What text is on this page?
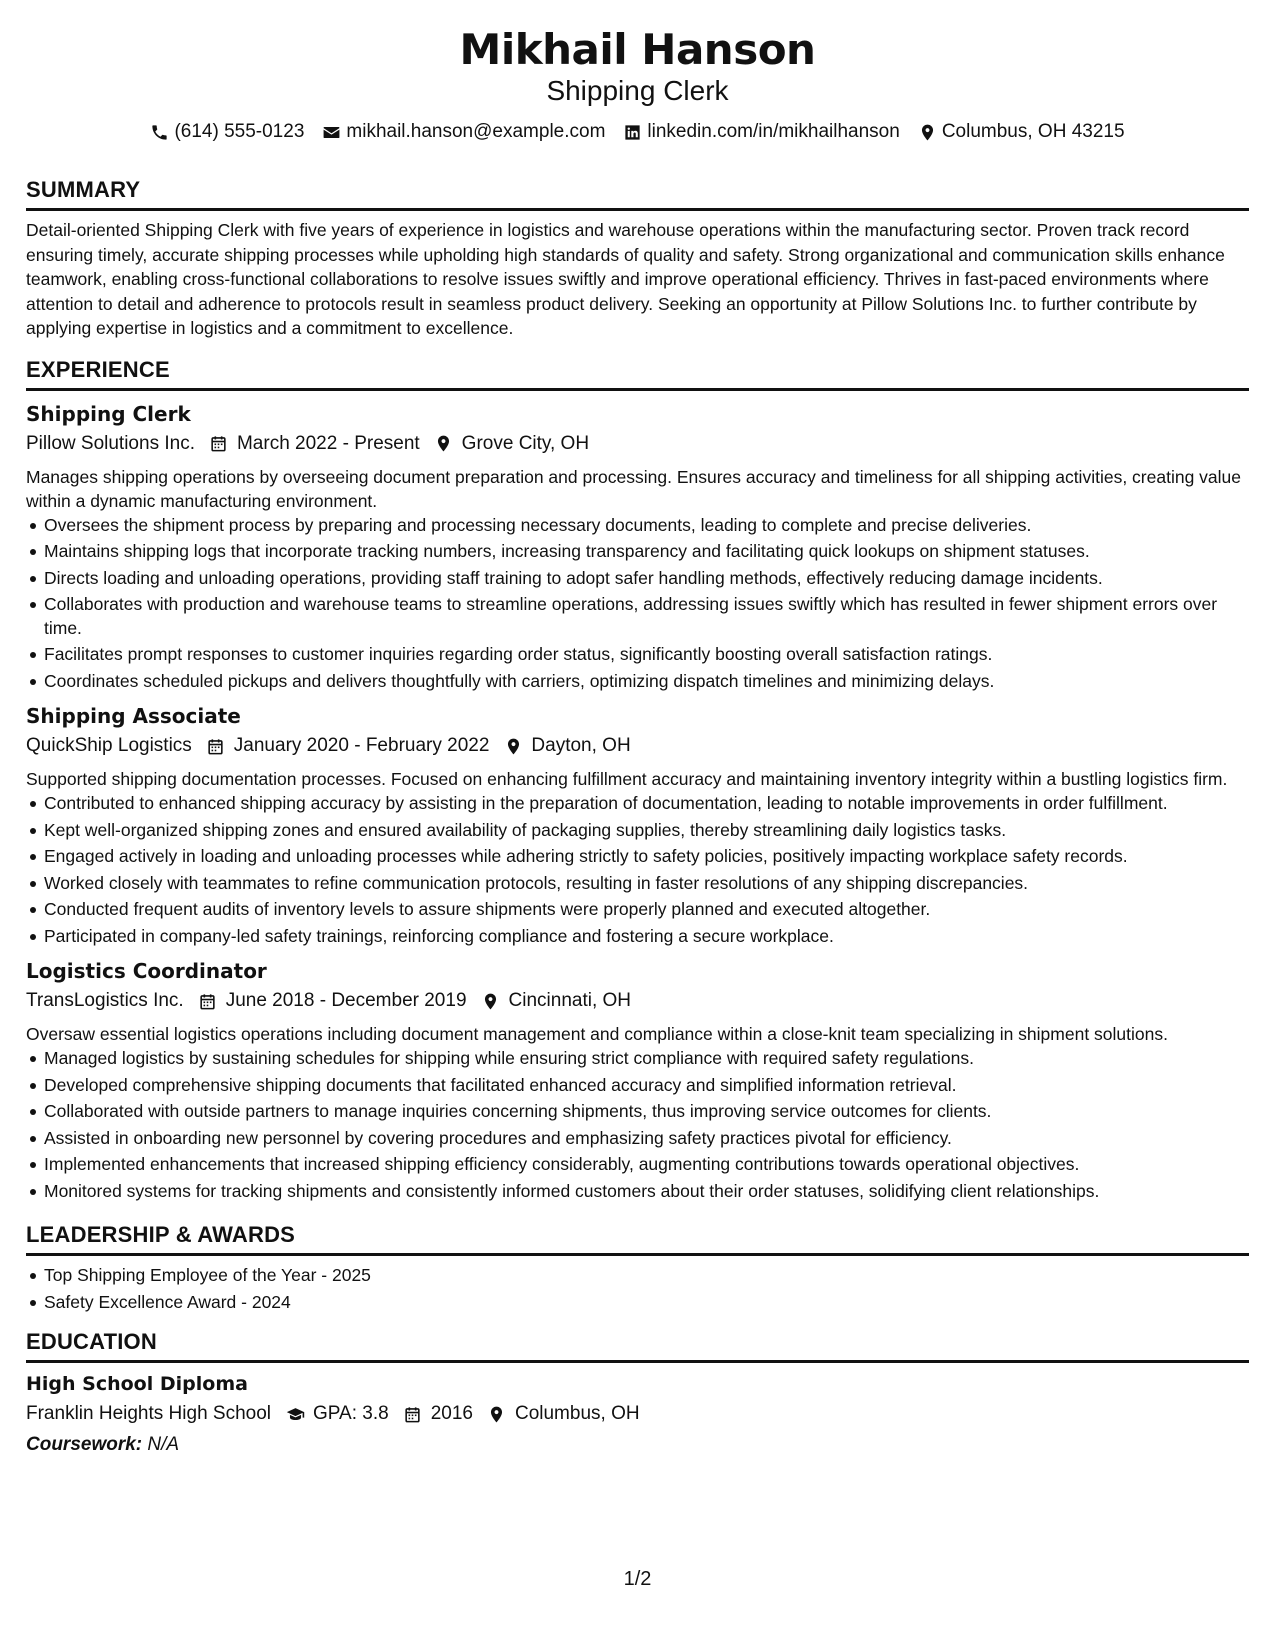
Mikhail Hanson
Shipping Clerk
(614) 555-0123 mikhail.hanson@example.com linkedin.com/in/mikhailhanson Columbus, OH 43215
SUMMARY

Detail-oriented Shipping Clerk with five years of experience in logistics and warehouse operations within the manufacturing sector. Proven track record ensuring timely, accurate shipping processes while upholding high standards of quality and safety. Strong organizational and communication skills enhance teamwork, enabling cross-functional collaborations to resolve issues swiftly and improve operational efficiency. Thrives in fast-paced environments where attention to detail and adherence to protocols result in seamless product delivery. Seeking an opportunity at Pillow Solutions Inc. to further contribute by applying expertise in logistics and a commitment to excellence.

EXPERIENCE
Shipping Clerk
Pillow Solutions Inc. March 2022 - Present Grove City, OH

Manages shipping operations by overseeing document preparation and processing. Ensures accuracy and timeliness for all shipping activities, creating value within a dynamic manufacturing environment.

Oversees the shipment process by preparing and processing necessary documents, leading to complete and precise deliveries.
Maintains shipping logs that incorporate tracking numbers, increasing transparency and facilitating quick lookups on shipment statuses.
Directs loading and unloading operations, providing staff training to adopt safer handling methods, effectively reducing damage incidents.
Collaborates with production and warehouse teams to streamline operations, addressing issues swiftly which has resulted in fewer shipment errors over time.
Facilitates prompt responses to customer inquiries regarding order status, significantly boosting overall satisfaction ratings.
Coordinates scheduled pickups and delivers thoughtfully with carriers, optimizing dispatch timelines and minimizing delays.
Shipping Associate
QuickShip Logistics January 2020 - February 2022 Dayton, OH

Supported shipping documentation processes. Focused on enhancing fulfillment accuracy and maintaining inventory integrity within a bustling logistics firm.

Contributed to enhanced shipping accuracy by assisting in the preparation of documentation, leading to notable improvements in order fulfillment.
Kept well-organized shipping zones and ensured availability of packaging supplies, thereby streamlining daily logistics tasks.
Engaged actively in loading and unloading processes while adhering strictly to safety policies, positively impacting workplace safety records.
Worked closely with teammates to refine communication protocols, resulting in faster resolutions of any shipping discrepancies.
Conducted frequent audits of inventory levels to assure shipments were properly planned and executed altogether.
Participated in company-led safety trainings, reinforcing compliance and fostering a secure workplace.
Logistics Coordinator
TransLogistics Inc. June 2018 - December 2019 Cincinnati, OH

Oversaw essential logistics operations including document management and compliance within a close-knit team specializing in shipment solutions.

Managed logistics by sustaining schedules for shipping while ensuring strict compliance with required safety regulations.
Developed comprehensive shipping documents that facilitated enhanced accuracy and simplified information retrieval.
Collaborated with outside partners to manage inquiries concerning shipments, thus improving service outcomes for clients.
Assisted in onboarding new personnel by covering procedures and emphasizing safety practices pivotal for efficiency.
Implemented enhancements that increased shipping efficiency considerably, augmenting contributions towards operational objectives.
Monitored systems for tracking shipments and consistently informed customers about their order statuses, solidifying client relationships.
LEADERSHIP & AWARDS
Top Shipping Employee of the Year - 2025
Safety Excellence Award - 2024
EDUCATION
High School Diploma
Franklin Heights High School GPA: 3.8 2016 Columbus, OH
Coursework: N/A
1/2
